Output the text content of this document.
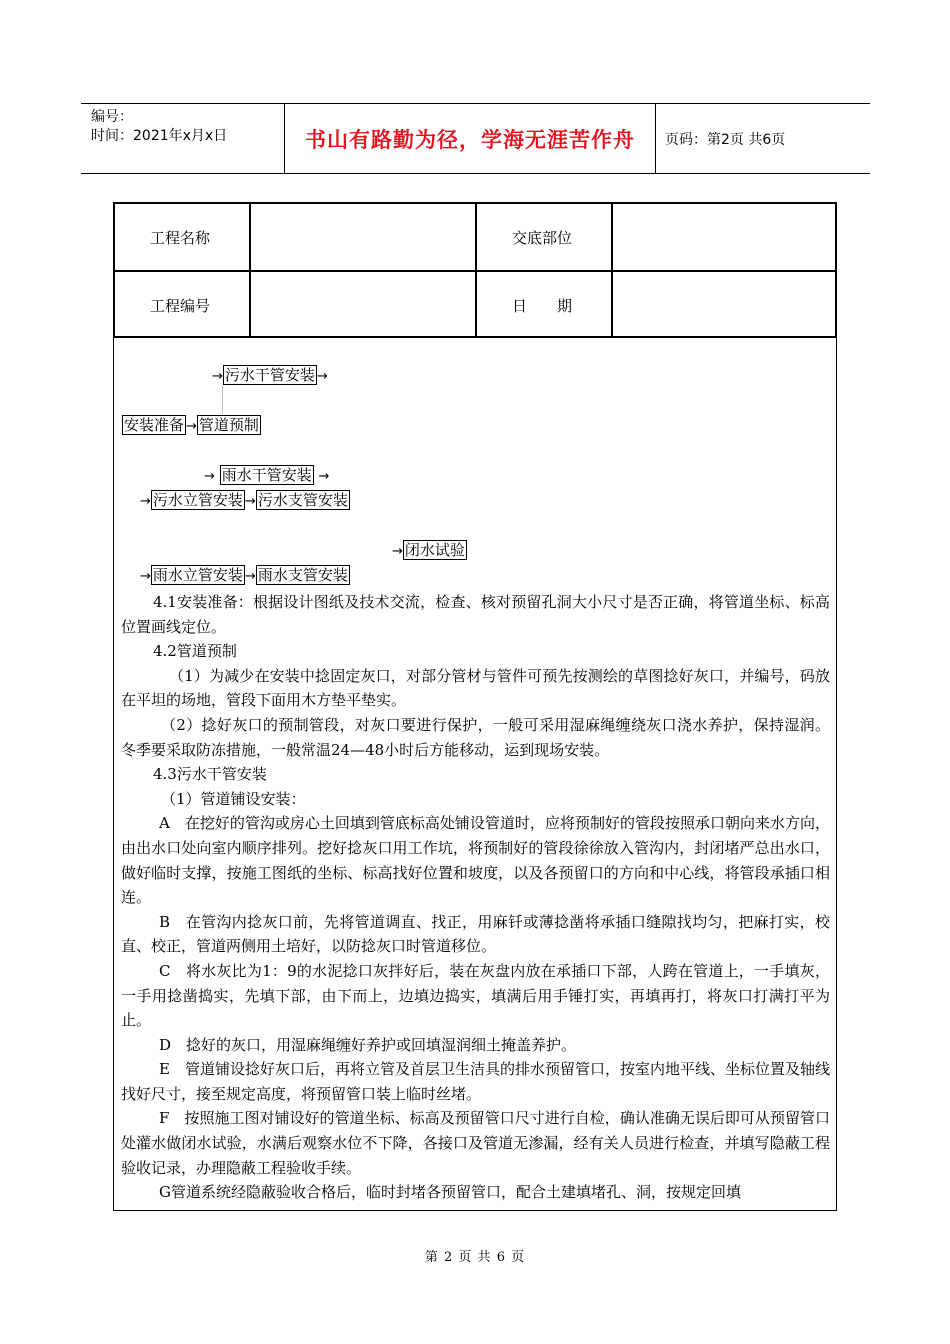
编号：
时间：2021年x月x日	书山有路勤为径，学海无涯苦作舟	页码：第2页 共6页
工程名称	交底部位
工程编号	日　　期
→ 污水干管安装 →
安装准备 → 管道预制
→ 雨水干管安装 →
→ 污水立管安装 → 污水支管安装
→ 闭水试验
→ 雨水立管安装 → 雨水支管安装

4.1安装准备：根据设计图纸及技术交流，检查、核对预留孔洞大小尺寸是否正确，将管道坐标、标高位置画线定位。

4.2管道预制

（1）为减少在安装中捻固定灰口，对部分管材与管件可预先按测绘的草图捻好灰口，并编号，码放在平坦的场地，管段下面用木方垫平垫实。

（2）捻好灰口的预制管段，对灰口要进行保护，一般可采用湿麻绳缠绕灰口浇水养护，保持湿润。冬季要采取防冻措施，一般常温24—48小时后方能移动，运到现场安装。

4.3污水干管安装

（1）管道铺设安装：

A　在挖好的管沟或房心土回填到管底标高处铺设管道时，应将预制好的管段按照承口朝向来水方向，由出水口处向室内顺序排列。挖好捻灰口用工作坑，将预制好的管段徐徐放入管沟内，封闭堵严总出水口，做好临时支撑，按施工图纸的坐标、标高找好位置和坡度，以及各预留口的方向和中心线，将管段承插口相连。

B　在管沟内捻灰口前，先将管道调直、找正，用麻钎或薄捻凿将承插口缝隙找均匀，把麻打实，校直、校正，管道两侧用土培好，以防捻灰口时管道移位。

C　将水灰比为1：9的水泥捻口灰拌好后，装在灰盘内放在承插口下部，人跨在管道上，一手填灰，一手用捻凿捣实，先填下部，由下而上，边填边捣实，填满后用手锤打实，再填再打，将灰口打满打平为止。

D　捻好的灰口，用湿麻绳缠好养护或回填湿润细土掩盖养护。

E　管道铺设捻好灰口后，再将立管及首层卫生洁具的排水预留管口，按室内地平线、坐标位置及轴线找好尺寸，接至规定高度，将预留管口装上临时丝堵。

F　按照施工图对铺设好的管道坐标、标高及预留管口尺寸进行自检，确认准确无误后即可从预留管口处灌水做闭水试验，水满后观察水位不下降，各接口及管道无渗漏，经有关人员进行检查，并填写隐蔽工程验收记录，办理隐蔽工程验收手续。

G管道系统经隐蔽验收合格后，临时封堵各预留管口，配合土建填堵孔、洞，按规定回填

第 2 页 共 6 页
